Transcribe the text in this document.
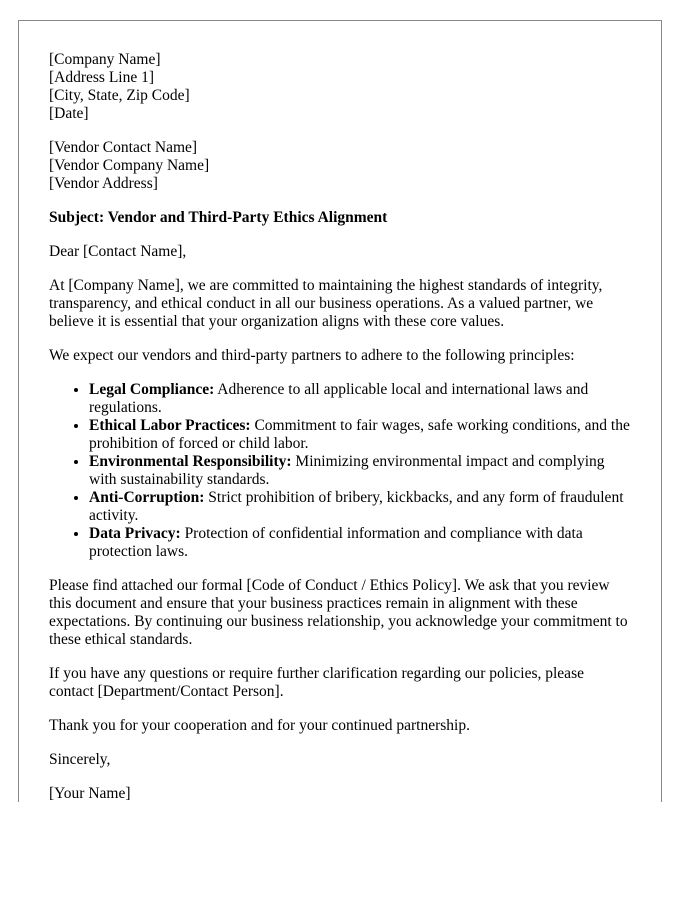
[Company Name]
[Address Line 1]
[City, State, Zip Code]
[Date]
[Vendor Contact Name]
[Vendor Company Name]
[Vendor Address]

Subject: Vendor and Third-Party Ethics Alignment

Dear [Contact Name],

At [Company Name], we are committed to maintaining the highest standards of integrity, transparency, and ethical conduct in all our business operations. As a valued partner, we believe it is essential that your organization aligns with these core values.

We expect our vendors and third-party partners to adhere to the following principles:

• Legal Compliance: Adherence to all applicable local and international laws and regulations.
• Ethical Labor Practices: Commitment to fair wages, safe working conditions, and the prohibition of forced or child labor.
• Environmental Responsibility: Minimizing environmental impact and complying with sustainability standards.
• Anti-Corruption: Strict prohibition of bribery, kickbacks, and any form of fraudulent activity.
• Data Privacy: Protection of confidential information and compliance with data protection laws.

Please find attached our formal [Code of Conduct / Ethics Policy]. We ask that you review this document and ensure that your business practices remain in alignment with these expectations. By continuing our business relationship, you acknowledge your commitment to these ethical standards.

If you have any questions or require further clarification regarding our policies, please contact [Department/Contact Person].

Thank you for your cooperation and for your continued partnership.

Sincerely,

[Your Name]
